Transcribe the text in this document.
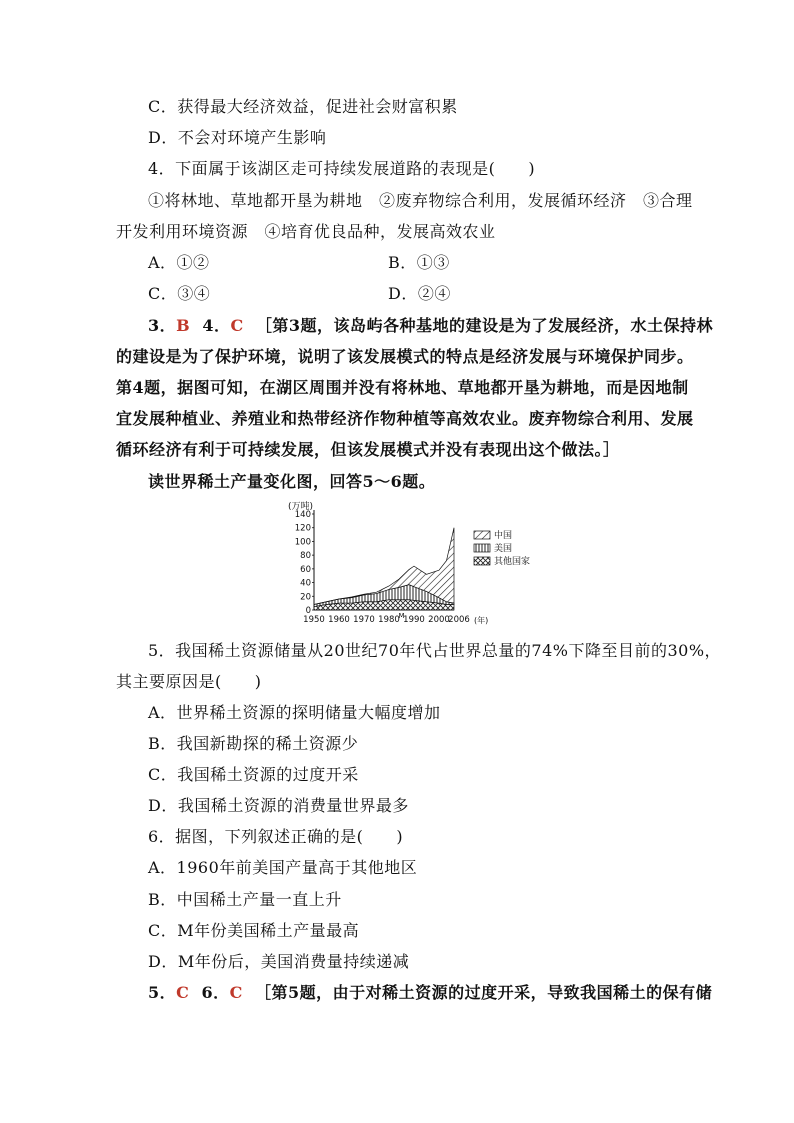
C．获得最大经济效益，促进社会财富积累
D．不会对环境产生影响
4．下面属于该湖区走可持续发展道路的表现是(　　)
①将林地、草地都开垦为耕地　②废弃物综合利用，发展循环经济　③合理
开发利用环境资源　④培育优良品种，发展高效农业
A．①②	B．①③
C．③④	D．②④
3．B 4．C ［第3题，该岛屿各种基地的建设是为了发展经济，水土保持林
的建设是为了保护环境，说明了该发展模式的特点是经济发展与环境保护同步。
第4题，据图可知，在湖区周围并没有将林地、草地都开垦为耕地，而是因地制
宜发展种植业、养殖业和热带经济作物种植等高效农业。废弃物综合利用、发展
循环经济有利于可持续发展，但该发展模式并没有表现出这个做法。］
读世界稀土产量变化图，回答5～6题。
(万吨)
0
20
40
60
80
100
120
140
1950 1960 1970 1980
M
1990 2000
2006 (年)
中国
美国
其他国家
5．我国稀土资源储量从20世纪70年代占世界总量的74%下降至目前的30%，
其主要原因是(　　)
A．世界稀土资源的探明储量大幅度增加
B．我国新勘探的稀土资源少
C．我国稀土资源的过度开采
D．我国稀土资源的消费量世界最多
6．据图，下列叙述正确的是(　　)
A．1960年前美国产量高于其他地区
B．中国稀土产量一直上升
C．M年份美国稀土产量最高
D．M年份后，美国消费量持续递减
5．C 6．C ［第5题，由于对稀土资源的过度开采，导致我国稀土的保有储
